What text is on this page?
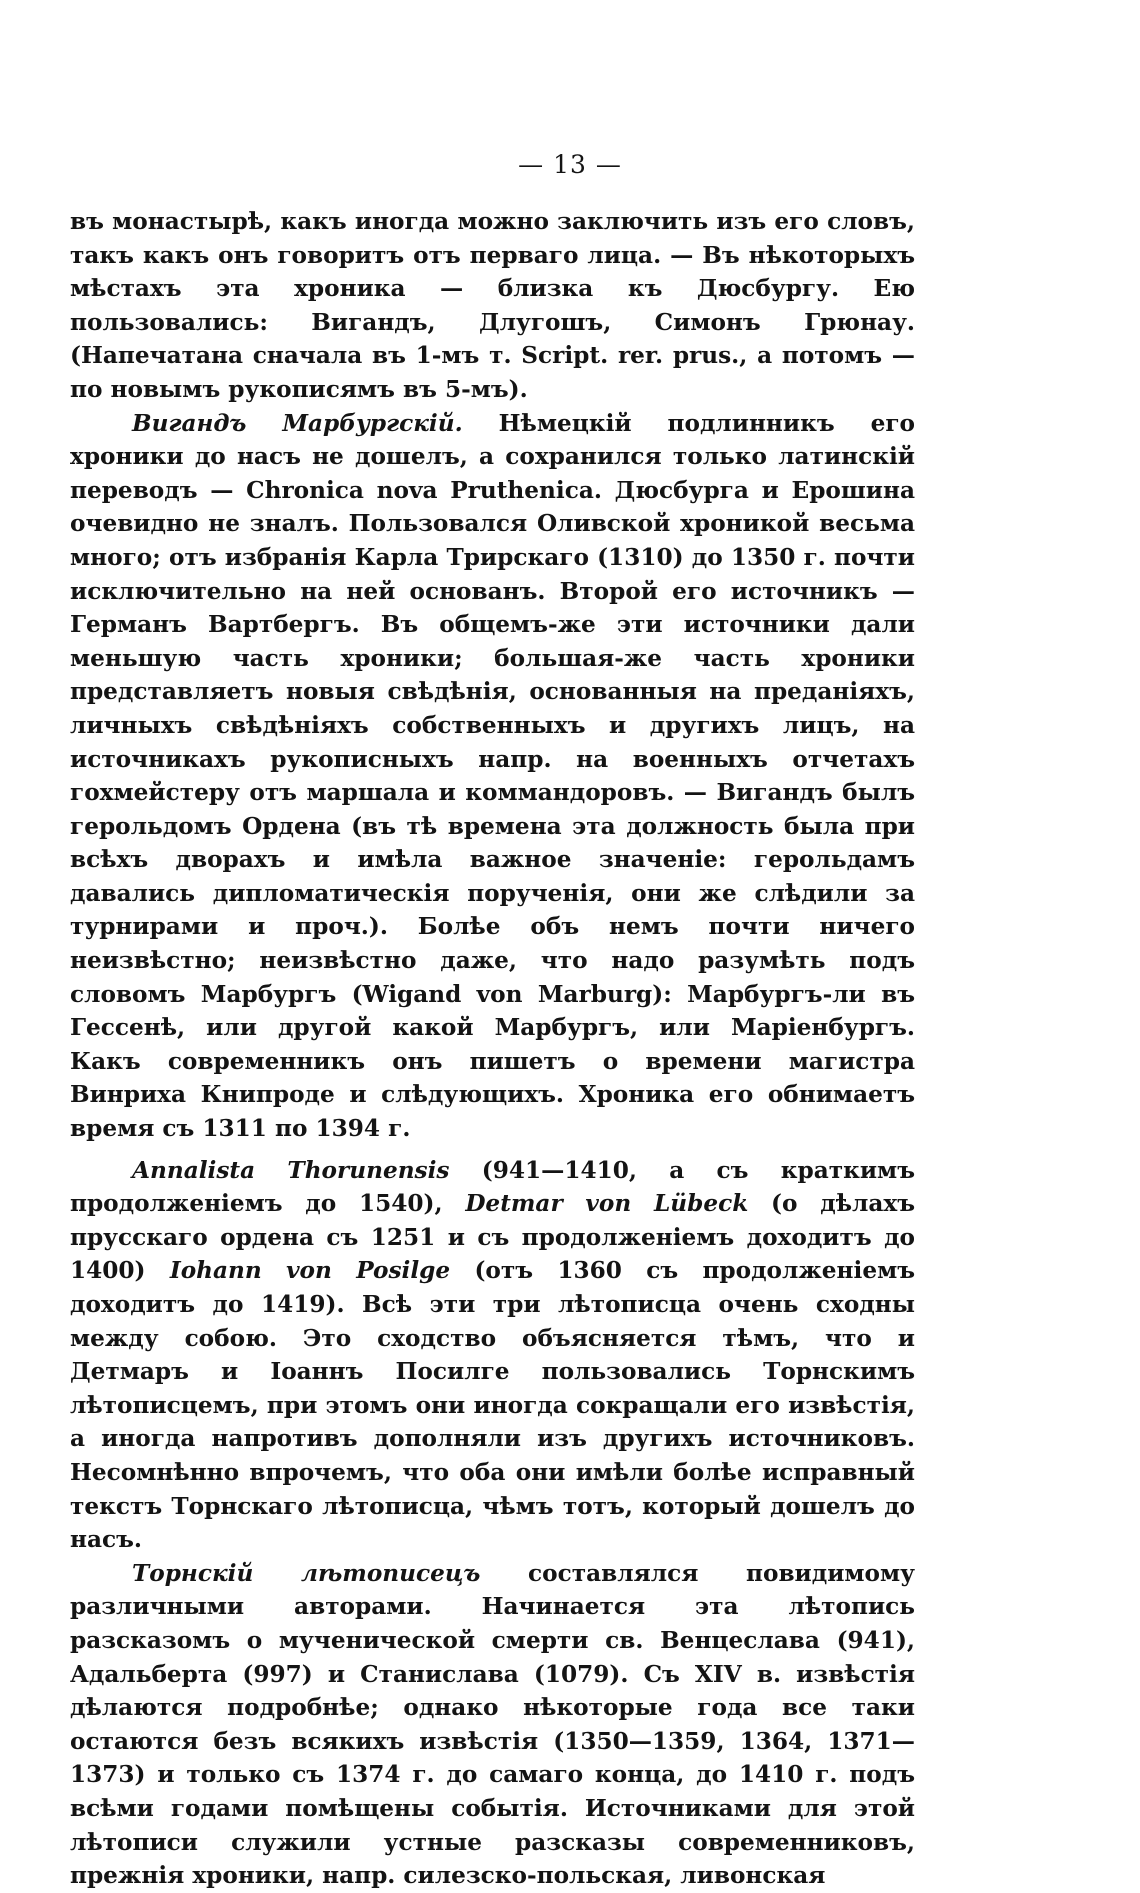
— 13 —

въ монастырѣ, какъ иногда можно заключить изъ его словъ, такъ какъ онъ говоритъ отъ перваго лица. — Въ нѣкоторыхъ мѣстахъ эта хроника — близка къ Дюсбургу. Ею пользовались: Вигандъ, Длугошъ, Симонъ Грюнау. (Напечатана сначала въ 1-мъ т. Script. rer. prus., а потомъ — по новымъ рукописямъ въ 5-мъ).

Вигандъ Марбургскій. Нѣмецкій подлинникъ его хроники до насъ не дошелъ, а сохранился только латинскій переводъ — Chronica nova Prutheniса. Дюсбурга и Ерошина очевидно не зналъ. Пользовался Оливской хроникой весьма много; отъ избранія Карла Трирскаго (1310) до 1350 г. почти исключительно на ней основанъ. Второй его источникъ — Германъ Вартбергъ. Въ общемъ-же эти источники дали меньшую часть хроники; большая-же часть хроники представляетъ новыя свѣдѣнія, основанныя на преданіяхъ, личныхъ свѣдѣніяхъ собственныхъ и другихъ лицъ, на источникахъ рукописныхъ напр. на военныхъ отчетахъ гохмейстеру отъ маршала и коммандоровъ. — Вигандъ былъ герольдомъ Ордена (въ тѣ времена эта должность была при всѣхъ дворахъ и имѣла важное значеніе: герольдамъ давались дипломатическія порученія, они же слѣдили за турнирами и проч.). Болѣе объ немъ почти ничего неизвѣстно; неизвѣстно даже, что надо разумѣть подъ словомъ Марбургъ (Wigand von Marburg): Марбургъ-ли въ Гессенѣ, или другой какой Марбургъ, или Маріенбургъ. Какъ современникъ онъ пишетъ о времени магистра Винриха Книпроде и слѣдующихъ. Хроника его обнимаетъ время съ 1311 по 1394 г.

Annalista Thorunensis (941—1410, а съ краткимъ продолженіемъ до 1540), Detmar von Lübeck (о дѣлахъ прусскаго ордена съ 1251 и съ продолженіемъ доходитъ до 1400) Iohann von Posilge (отъ 1360 съ продолженіемъ доходитъ до 1419). Всѣ эти три лѣтописца очень сходны между собою. Это сходство объясняется тѣмъ, что и Детмаръ и Іоаннъ Посилге пользовались Торнскимъ лѣтописцемъ, при этомъ они иногда сокращали его извѣстія, а иногда напротивъ дополняли изъ другихъ источниковъ. Несомнѣнно впрочемъ, что оба они имѣли болѣе исправный текстъ Торнскаго лѣтописца, чѣмъ тотъ, который дошелъ до насъ.

Торнскій лѣтописецъ составлялся повидимому различными авторами. Начинается эта лѣтопись разсказомъ о мученической смерти св. Венцеслава (941), Адальберта (997) и Станислава (1079). Съ XIV в. извѣстія дѣлаются подробнѣе; однако нѣкоторые года все таки остаются безъ всякихъ извѣстія (1350—1359, 1364, 1371—1373) и только съ 1374 г. до самаго конца, до 1410 г. подъ всѣми годами помѣщены событія. Источниками для этой лѣтописи служили устные разсказы современниковъ, прежнія хроники, напр. силезско-польская, ливонская
